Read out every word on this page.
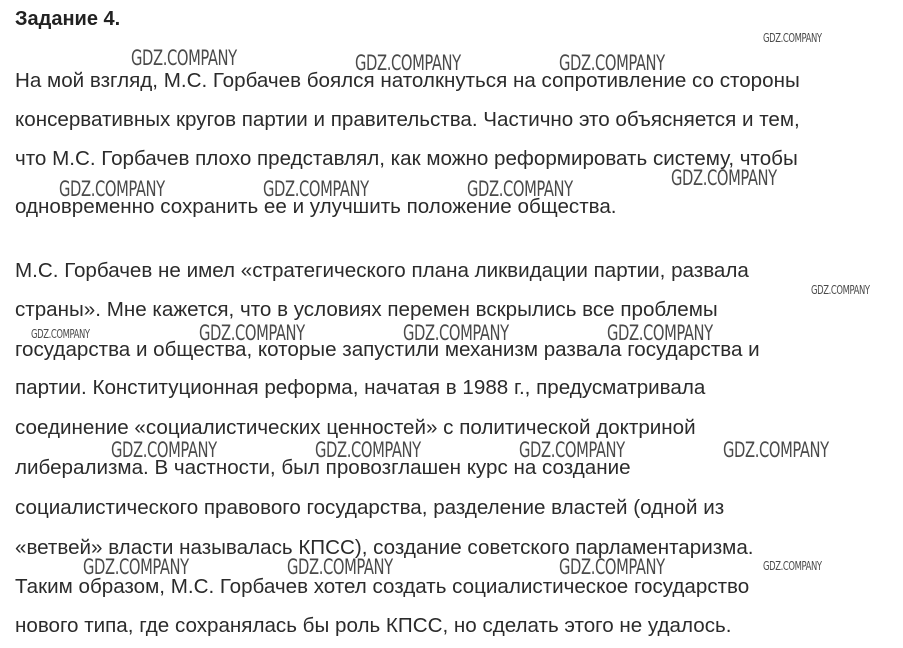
Задание 4.

На мой взгляд, М.С. Горбачев боялся натолкнуться на сопротивление со стороны

консервативных кругов партии и правительства. Частично это объясняется и тем,

что М.С. Горбачев плохо представлял, как можно реформировать систему, чтобы

одновременно сохранить ее и улучшить положение общества.

М.С. Горбачев не имел «стратегического плана ликвидации партии, развала

страны». Мне кажется, что в условиях перемен вскрылись все проблемы

государства и общества, которые запустили механизм развала государства и

партии. Конституционная реформа, начатая в 1988 г., предусматривала

соединение «социалистических ценностей» с политической доктриной

либерализма. В частности, был провозглашен курс на создание

социалистического правового государства, разделение властей (одной из

«ветвей» власти называлась КПСС), создание советского парламентаризма.

Таким образом, М.С. Горбачев хотел создать социалистическое государство

нового типа, где сохранялась бы роль КПСС, но сделать этого не удалось.

GDZ.COMPANY	GDZ.COMPANY	GDZ.COMPANY
GDZ.COMPANY
GDZ.COMPANY	GDZ.COMPANY	GDZ.COMPANY	GDZ.COMPANY
GDZ.COMPANY
GDZ.COMPANY	GDZ.COMPANY	GDZ.COMPANY	GDZ.COMPANY
GDZ.COMPANY	GDZ.COMPANY	GDZ.COMPANY	GDZ.COMPANY
GDZ.COMPANY	GDZ.COMPANY	GDZ.COMPANY	GDZ.COMPANY
